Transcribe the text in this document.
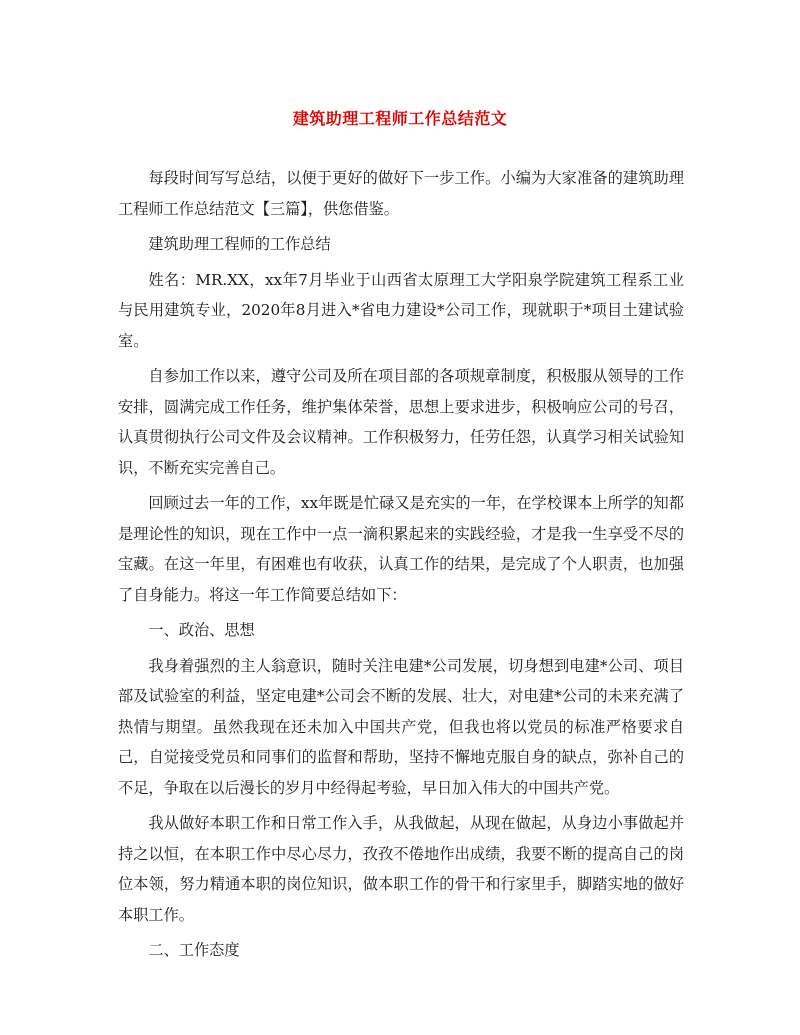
建筑助理工程师工作总结范文

每段时间写写总结，以便于更好的做好下一步工作。小编为大家准备的建筑助理工程师工作总结范文【三篇】，供您借鉴。

建筑助理工程师的工作总结

姓名：MR.XX，xx年7月毕业于山西省太原理工大学阳泉学院建筑工程系工业与民用建筑专业，2020年8月进入*省电力建设*公司工作，现就职于*项目土建试验室。

自参加工作以来，遵守公司及所在项目部的各项规章制度，积极服从领导的工作安排，圆满完成工作任务，维护集体荣誉，思想上要求进步，积极响应公司的号召，认真贯彻执行公司文件及会议精神。工作积极努力，任劳任怨，认真学习相关试验知识，不断充实完善自己。

回顾过去一年的工作，xx年既是忙碌又是充实的一年，在学校课本上所学的知都是理论性的知识，现在工作中一点一滴积累起来的实践经验，才是我一生享受不尽的宝藏。在这一年里，有困难也有收获，认真工作的结果，是完成了个人职责，也加强了自身能力。将这一年工作简要总结如下：

一、政治、思想

我身着强烈的主人翁意识，随时关注电建*公司发展，切身想到电建*公司、项目部及试验室的利益，坚定电建*公司会不断的发展、壮大，对电建*公司的未来充满了热情与期望。虽然我现在还未加入中国共产党，但我也将以党员的标准严格要求自己，自觉接受党员和同事们的监督和帮助，坚持不懈地克服自身的缺点，弥补自己的不足，争取在以后漫长的岁月中经得起考验，早日加入伟大的中国共产党。

我从做好本职工作和日常工作入手，从我做起，从现在做起，从身边小事做起并持之以恒，在本职工作中尽心尽力，孜孜不倦地作出成绩，我要不断的提高自己的岗位本领，努力精通本职的岗位知识，做本职工作的骨干和行家里手，脚踏实地的做好本职工作。

二、工作态度
